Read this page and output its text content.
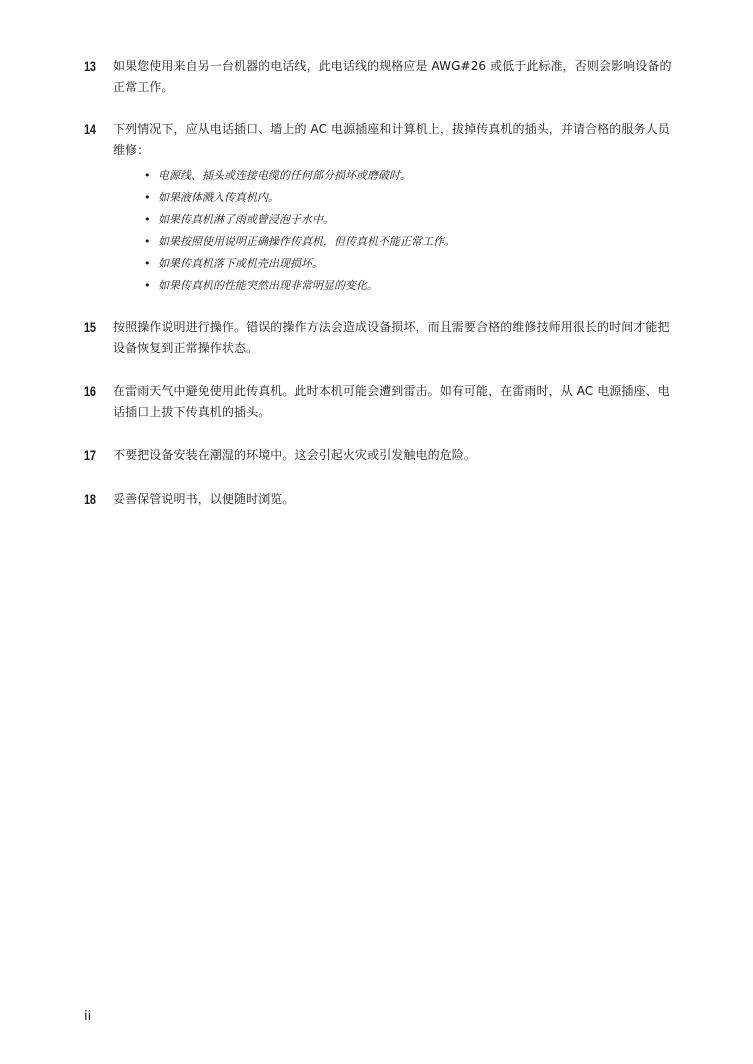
13 如果您使用来自另一台机器的电话线，此电话线的规格应是 AWG#26 或低于此标准，否则会影响设备的正常工作。
14 下列情况下，应从电话插口、墙上的 AC 电源插座和计算机上，拔掉传真机的插头，并请合格的服务人员维修：
• 电源线、插头或连接电缆的任何部分损坏或磨破时。
• 如果液体溅入传真机内。
• 如果传真机淋了雨或曾浸泡于水中。
• 如果按照使用说明正确操作传真机，但传真机不能正常工作。
• 如果传真机落下或机壳出现损坏。
• 如果传真机的性能突然出现非常明显的变化。
15 按照操作说明进行操作。错误的操作方法会造成设备损坏，而且需要合格的维修技师用很长的时间才能把设备恢复到正常操作状态。
16 在雷雨天气中避免使用此传真机。此时本机可能会遭到雷击。如有可能，在雷雨时，从 AC 电源插座、电话插口上拔下传真机的插头。
17 不要把设备安装在潮湿的环境中。这会引起火灾或引发触电的危险。
18 妥善保管说明书，以便随时浏览。
ii
